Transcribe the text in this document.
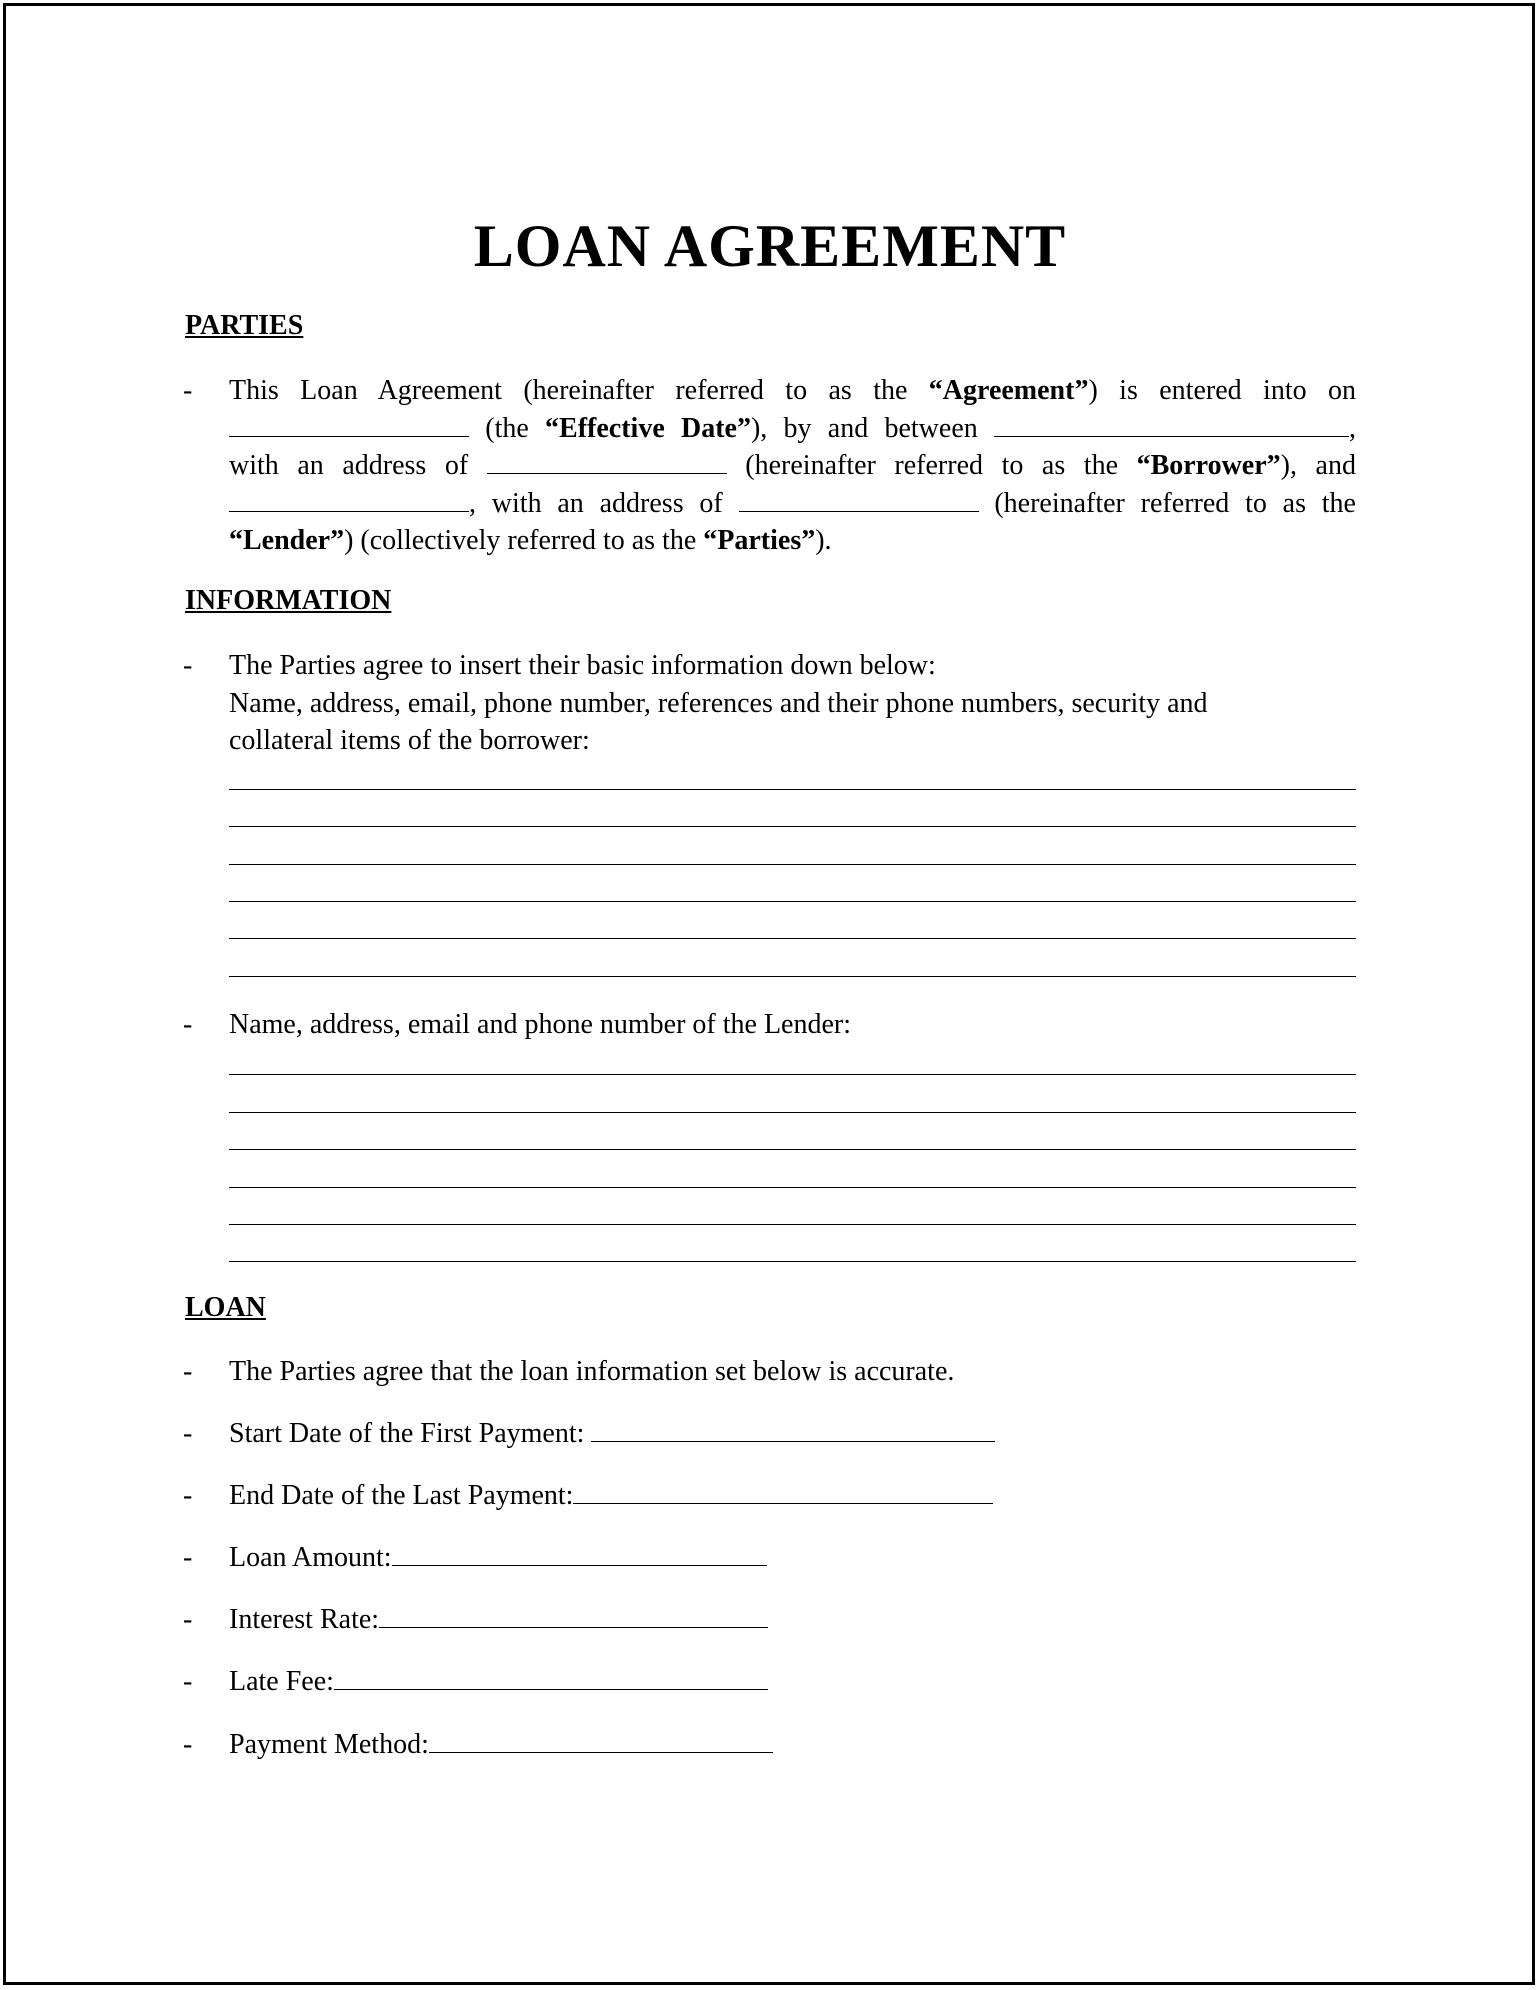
LOAN AGREEMENT
PARTIES
- This Loan Agreement (hereinafter referred to as the “Agreement”) is entered into on
(the “Effective Date”), by and between	,
with an address of	(hereinafter referred to as the “Borrower”), and
, with an address of	(hereinafter referred to as the
“Lender”) (collectively referred to as the “Parties”).
INFORMATION
- The Parties agree to insert their basic information down below:
Name, address, email, phone number, references and their phone numbers, security and
collateral items of the borrower:
- Name, address, email and phone number of the Lender:
LOAN
- The Parties agree that the loan information set below is accurate.
- Start Date of the First Payment:
- End Date of the Last Payment:
- Loan Amount:
- Interest Rate:
- Late Fee:
- Payment Method:
